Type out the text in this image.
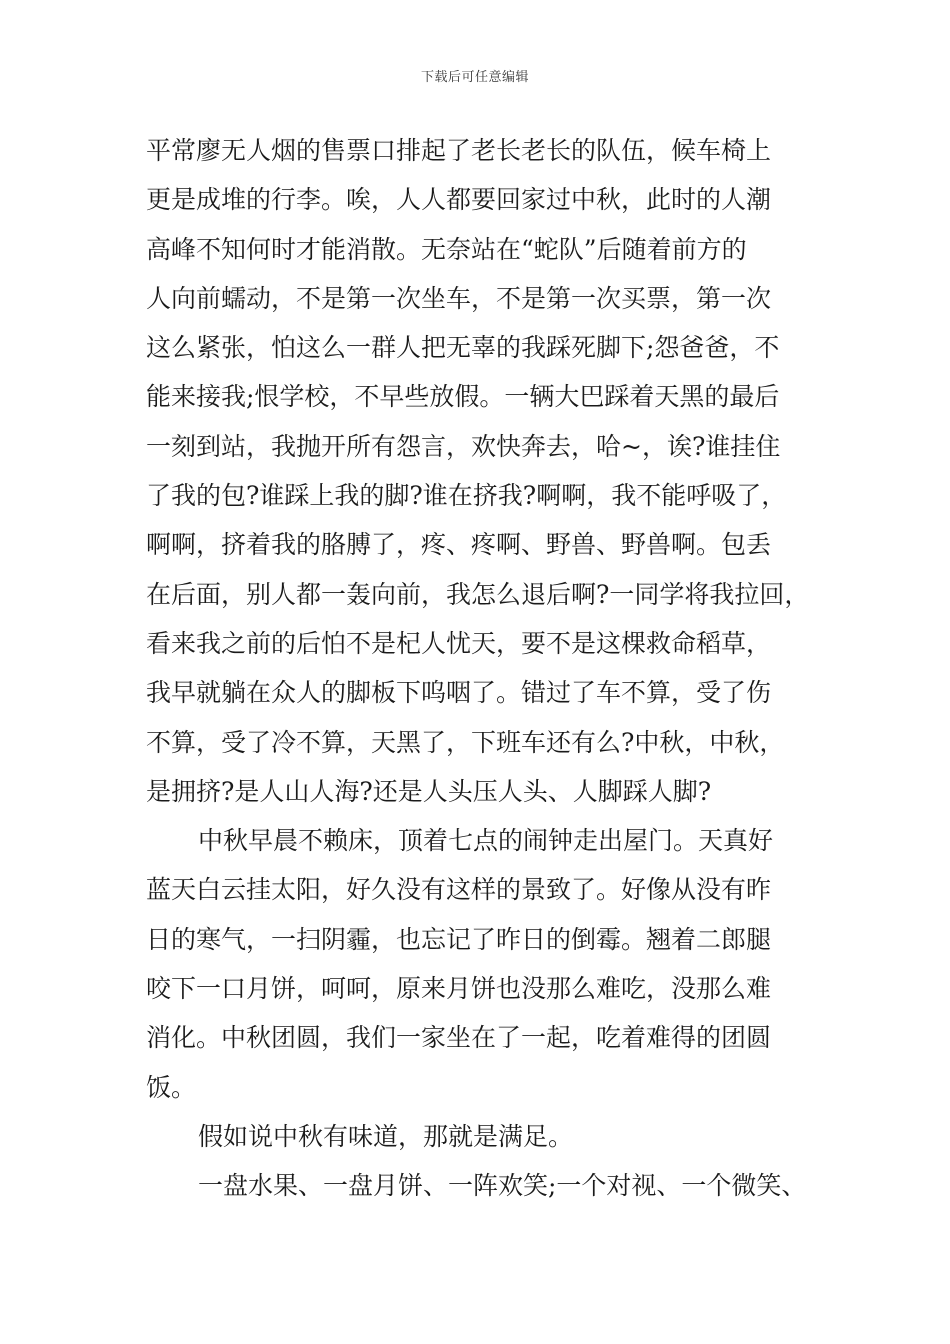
下载后可任意编辑
平常廖无人烟的售票口排起了老长老长的队伍，候车椅上
更是成堆的行李。唉，人人都要回家过中秋，此时的人潮
高峰不知何时才能消散。无奈站在“蛇队”后随着前方的
人向前蠕动，不是第一次坐车，不是第一次买票，第一次
这么紧张，怕这么一群人把无辜的我踩死脚下;怨爸爸，不
能来接我;恨学校，不早些放假。一辆大巴踩着天黑的最后
一刻到站，我抛开所有怨言，欢快奔去，哈~，诶?谁挂住
了我的包?谁踩上我的脚?谁在挤我?啊啊，我不能呼吸了，
啊啊，挤着我的胳膊了，疼、疼啊、野兽、野兽啊。包丢
在后面，别人都一轰向前，我怎么退后啊?一同学将我拉回，
看来我之前的后怕不是杞人忧天，要不是这棵救命稻草，
我早就躺在众人的脚板下呜咽了。错过了车不算，受了伤
不算，受了冷不算，天黑了，下班车还有么?中秋，中秋，
是拥挤?是人山人海?还是人头压人头、人脚踩人脚?
中秋早晨不赖床，顶着七点的闹钟走出屋门。天真好
蓝天白云挂太阳，好久没有这样的景致了。好像从没有昨
日的寒气，一扫阴霾，也忘记了昨日的倒霉。翘着二郎腿
咬下一口月饼，呵呵，原来月饼也没那么难吃，没那么难
消化。中秋团圆，我们一家坐在了一起，吃着难得的团圆
饭。
假如说中秋有味道，那就是满足。
一盘水果、一盘月饼、一阵欢笑;一个对视、一个微笑、
